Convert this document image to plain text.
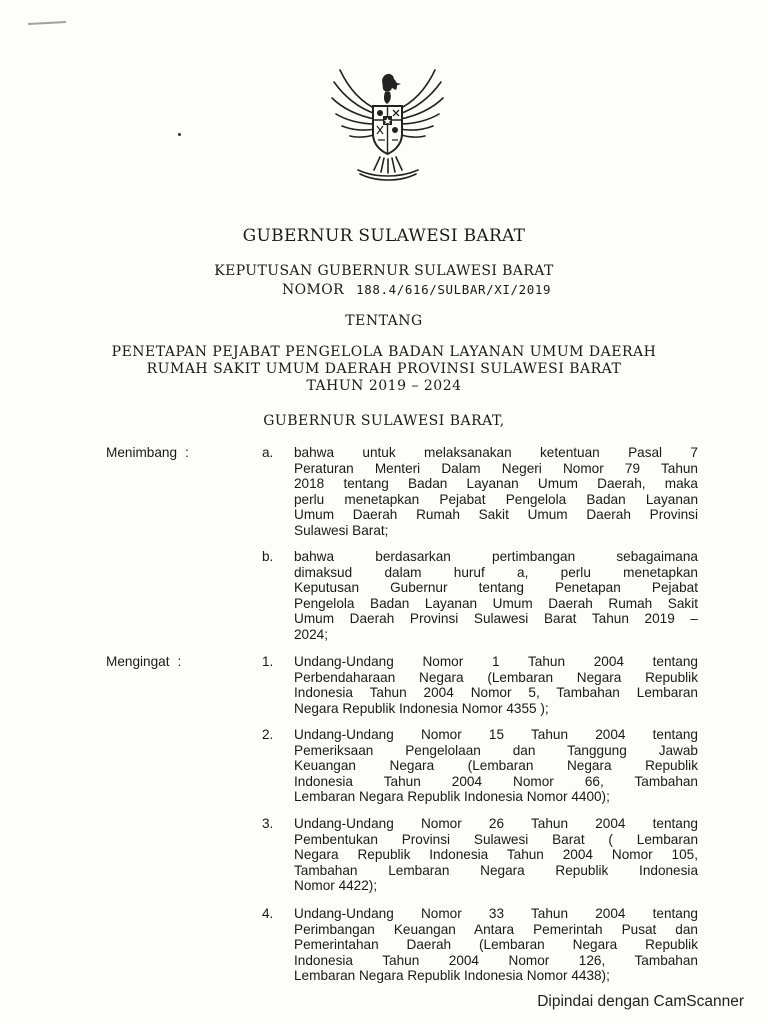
GUBERNUR SULAWESI BARAT
KEPUTUSAN GUBERNUR SULAWESI BARAT
NOMOR 188.4/616/SULBAR/XI/2019
TENTANG
PENETAPAN PEJABAT PENGELOLA BADAN LAYANAN UMUM DAERAH
RUMAH SAKIT UMUM DAERAH PROVINSI SULAWESI BARAT
TAHUN 2019 – 2024
GUBERNUR SULAWESI BARAT,
Menimbang :	a. bahwa untuk melaksanakan ketentuan Pasal 7
Peraturan Menteri Dalam Negeri Nomor 79 Tahun
2018 tentang Badan Layanan Umum Daerah, maka
perlu menetapkan Pejabat Pengelola Badan Layanan
Umum Daerah Rumah Sakit Umum Daerah Provinsi
Sulawesi Barat;
b. bahwa berdasarkan pertimbangan sebagaimana
dimaksud dalam huruf a, perlu menetapkan
Keputusan Gubernur tentang Penetapan Pejabat
Pengelola Badan Layanan Umum Daerah Rumah Sakit
Umum Daerah Provinsi Sulawesi Barat Tahun 2019 –
2024;
Mengingat :	1. Undang-Undang Nomor 1 Tahun 2004 tentang
Perbendaharaan Negara (Lembaran Negara Republik
Indonesia Tahun 2004 Nomor 5, Tambahan Lembaran
Negara Republik Indonesia Nomor 4355 );
2. Undang-Undang Nomor 15 Tahun 2004 tentang
Pemeriksaan Pengelolaan dan Tanggung Jawab
Keuangan Negara (Lembaran Negara Republik
Indonesia Tahun 2004 Nomor 66, Tambahan
Lembaran Negara Republik Indonesia Nomor 4400);
3. Undang-Undang Nomor 26 Tahun 2004 tentang
Pembentukan Provinsi Sulawesi Barat ( Lembaran
Negara Republik Indonesia Tahun 2004 Nomor 105,
Tambahan Lembaran Negara Republik Indonesia
Nomor 4422);
4. Undang-Undang Nomor 33 Tahun 2004 tentang
Perimbangan Keuangan Antara Pemerintah Pusat dan
Pemerintahan Daerah (Lembaran Negara Republik
Indonesia Tahun 2004 Nomor 126, Tambahan
Lembaran Negara Republik Indonesia Nomor 4438);
Dipindai dengan CamScanner
